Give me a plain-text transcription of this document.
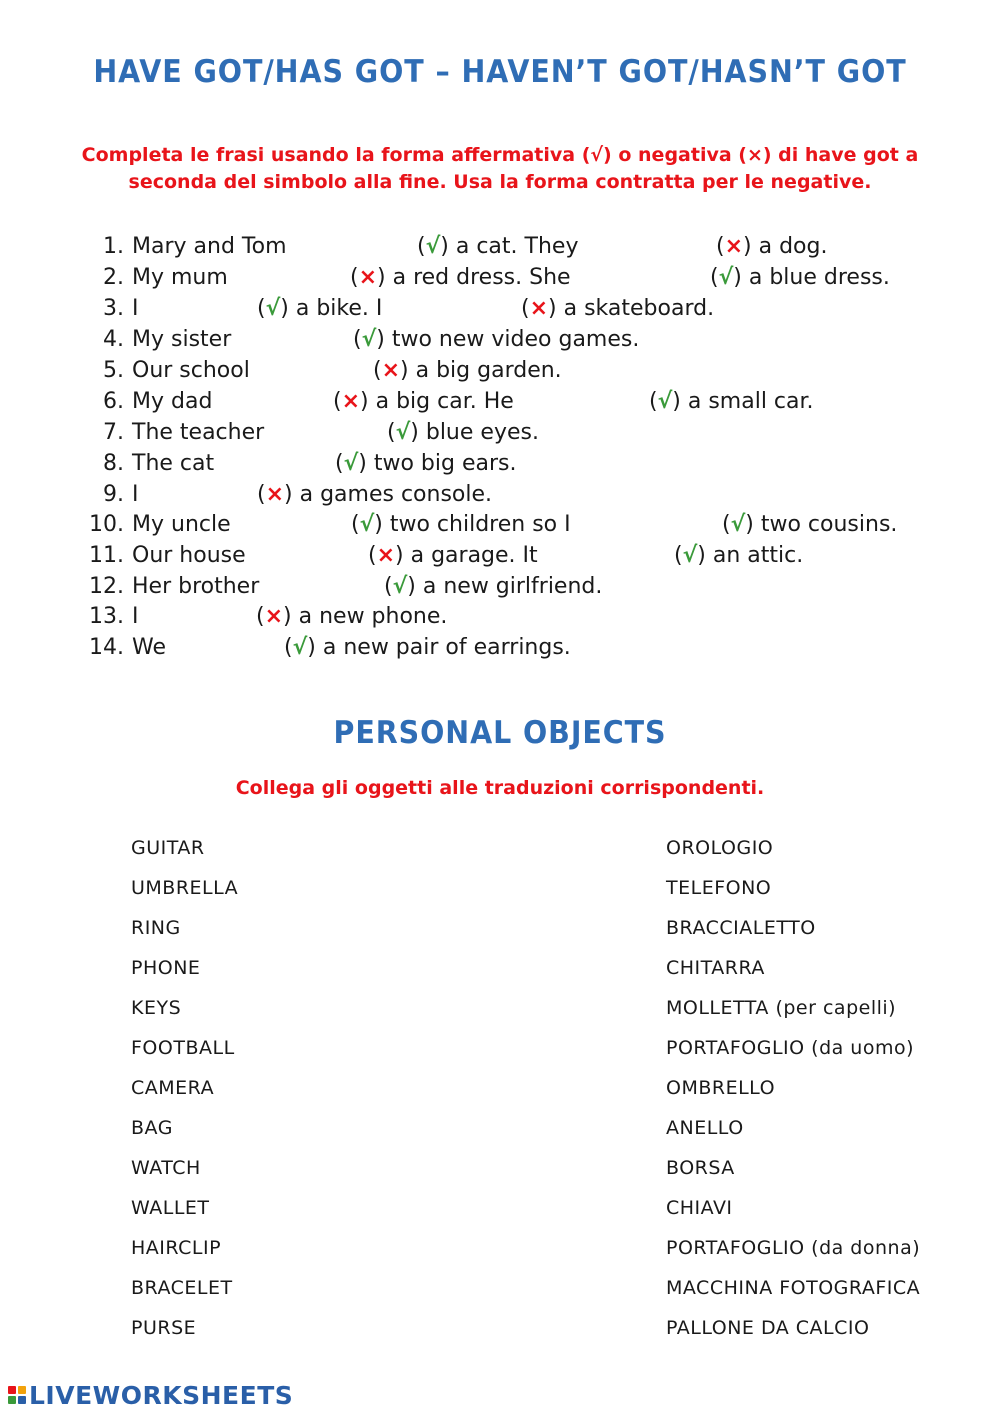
HAVE GOT/HAS GOT – HAVEN’T GOT/HASN’T GOT
Completa le frasi usando la forma affermativa (√) o negativa (×) di have got a seconda del simbolo alla fine. Usa la forma contratta per le negative.
1. Mary and Tom	(√) a cat. They	(×) a dog.
2. My mum	(×) a red dress. She	(√) a blue dress.
3. I	(√) a bike. I	(×) a skateboard.
4. My sister	(√) two new video games.
5. Our school	(×) a big garden.
6. My dad	(×) a big car. He	(√) a small car.
7. The teacher	(√) blue eyes.
8. The cat	(√) two big ears.
9. I	(×) a games console.
10. My uncle	(√) two children so I	(√) two cousins.
11. Our house	(×) a garage. It	(√) an attic.
12. Her brother	(√) a new girlfriend.
13. I	(×) a new phone.
14. We	(√) a new pair of earrings.
PERSONAL OBJECTS
Collega gli oggetti alle traduzioni corrispondenti.
GUITAR
UMBRELLA
RING
PHONE
KEYS
FOOTBALL
CAMERA
BAG
WATCH
WALLET
HAIRCLIP
BRACELET
PURSE
OROLOGIO
TELEFONO
BRACCIALETTO
CHITARRA
MOLLETTA (per capelli)
PORTAFOGLIO (da uomo)
OMBRELLO
ANELLO
BORSA
CHIAVI
PORTAFOGLIO (da donna)
MACCHINA FOTOGRAFICA
PALLONE DA CALCIO
LIVEWORKSHEETS
